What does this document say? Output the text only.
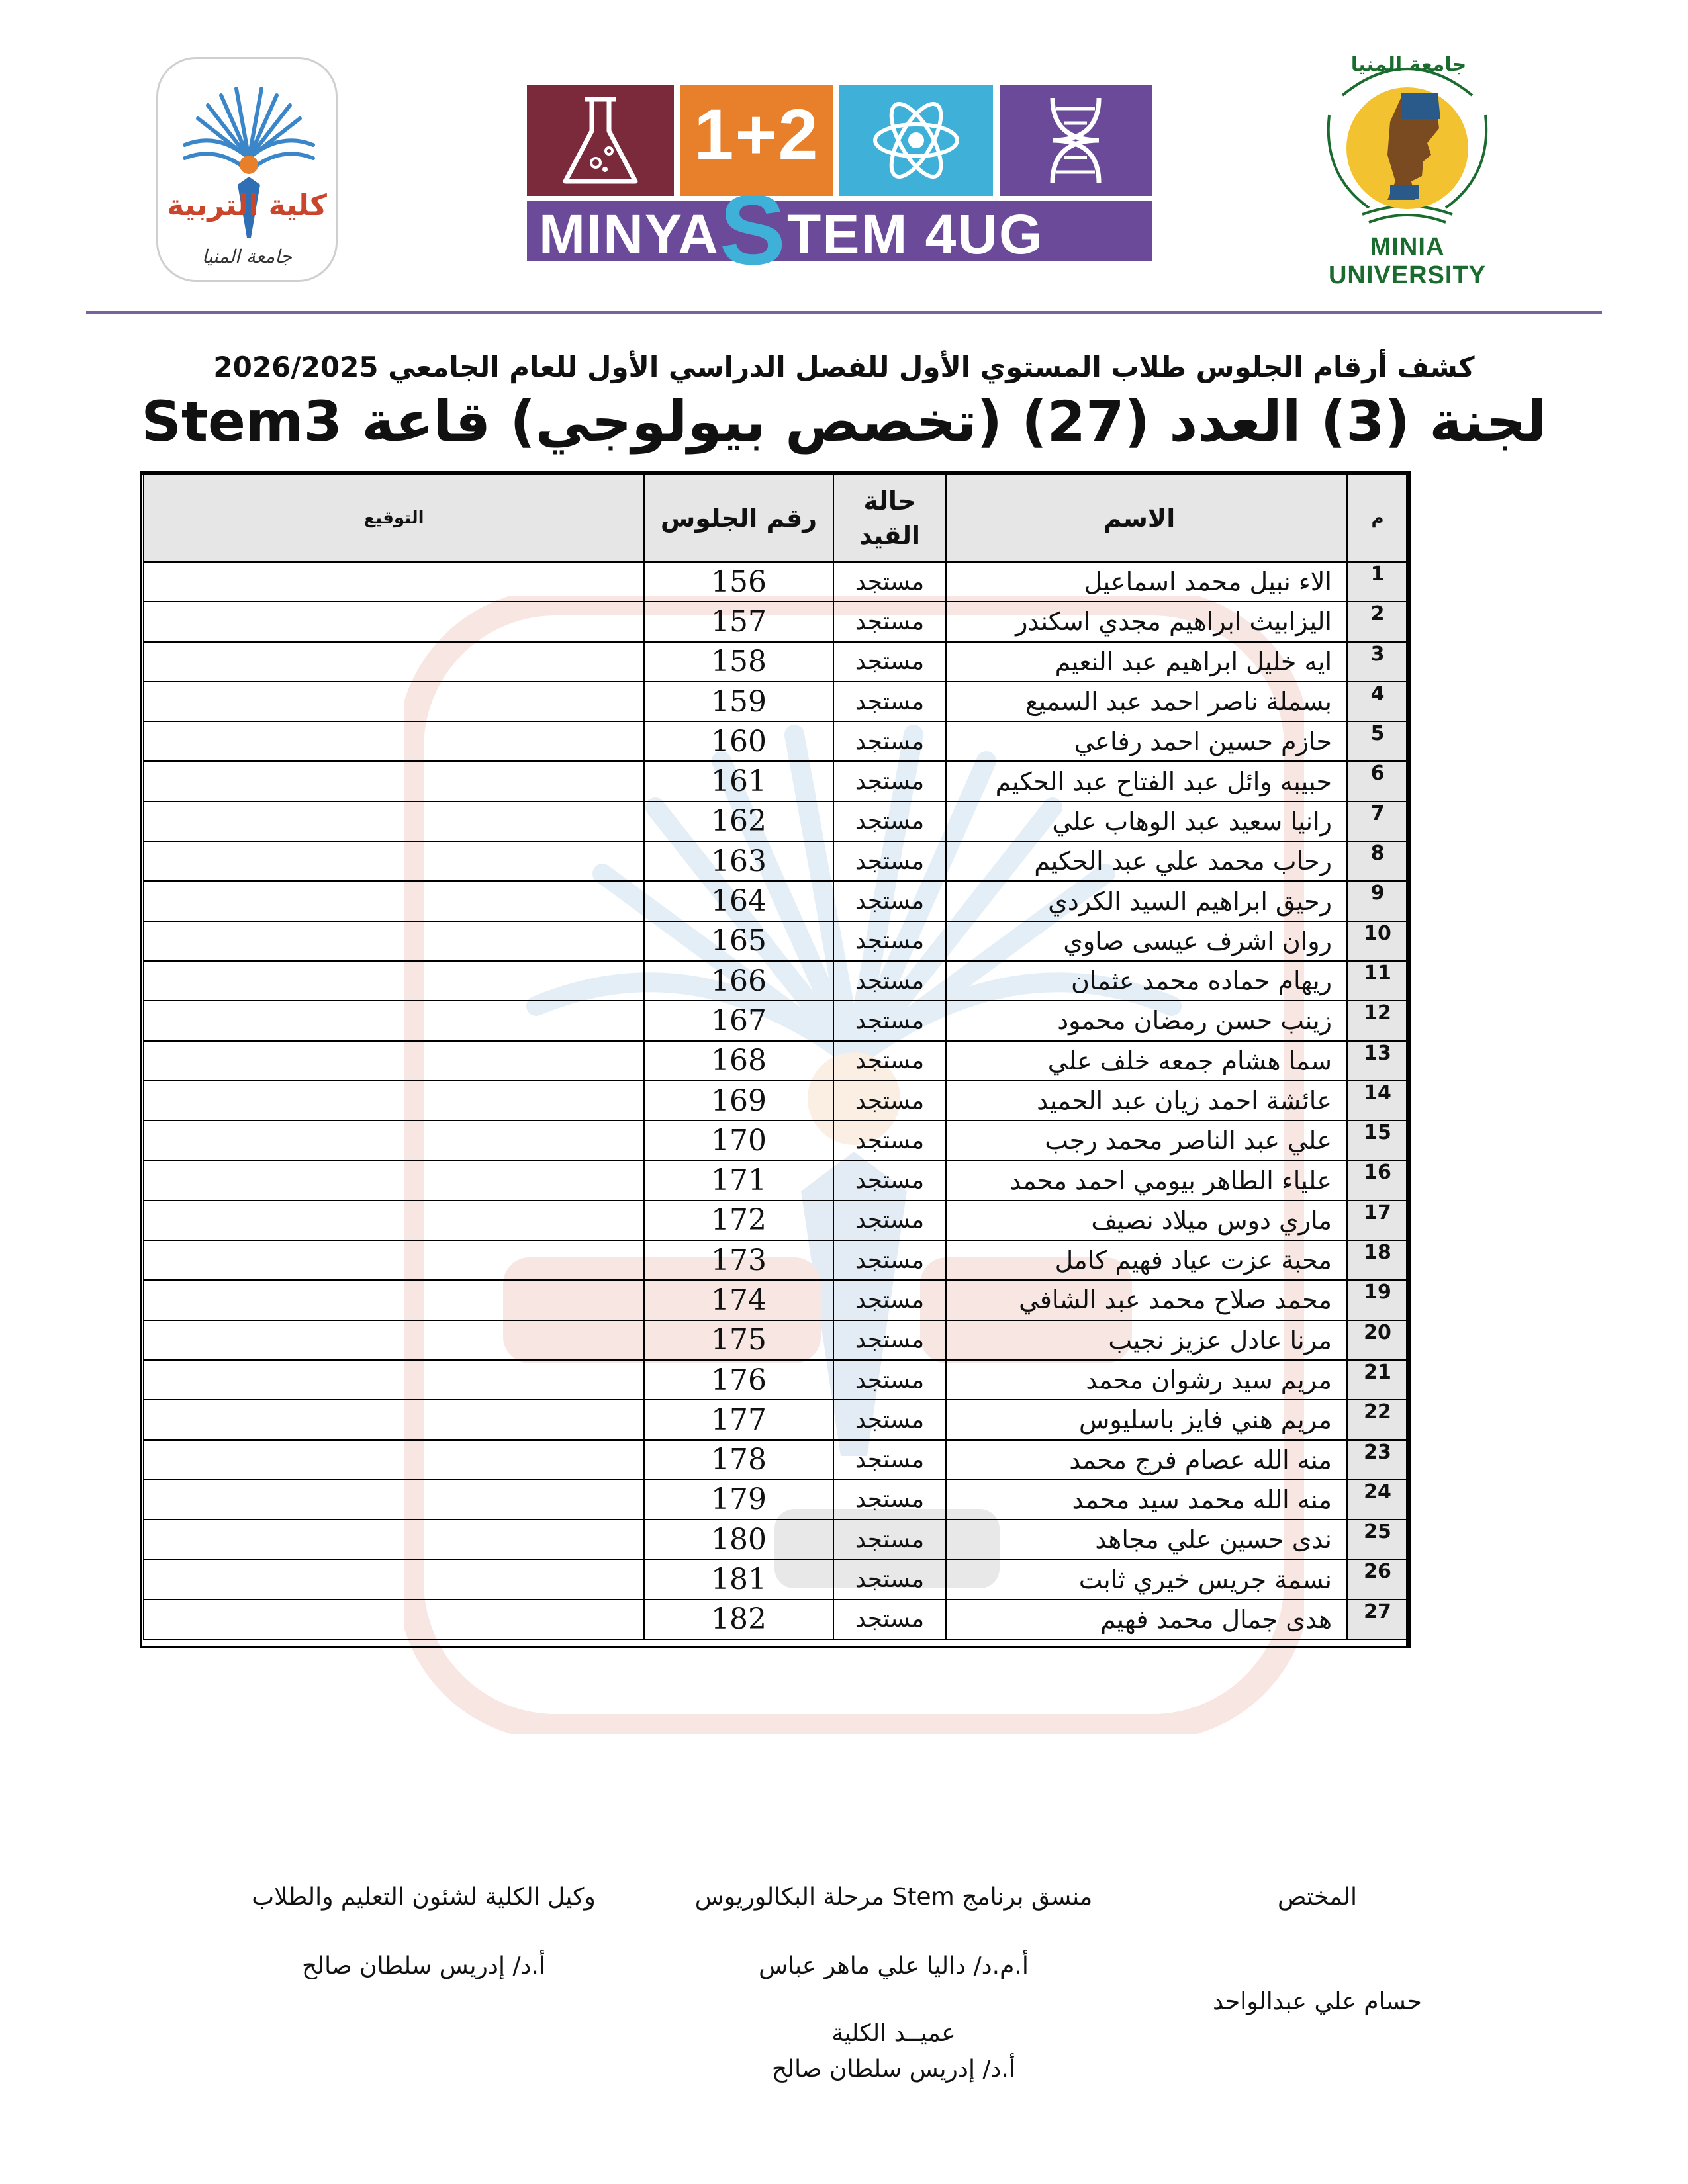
كلية التربية
جامعة المنيا
1+2
MINYASTEM 4UG
جامعة المنيا
MINIA UNIVERSITY
كشف أرقام الجلوس طلاب المستوي الأول للفصل الدراسي الأول للعام الجامعي 2026/2025
لجنة (3) العدد (27) (تخصص بيولوجي) قاعة Stem3
م	الاسم	حالة القيد	رقم الجلوس	التوقيع
1	الاء نبيل محمد اسماعيل	مستجد	156	
2	اليزابيث ابراهيم مجدي اسكندر	مستجد	157	
3	ايه خليل ابراهيم عبد النعيم	مستجد	158	
4	بسملة ناصر احمد عبد السميع	مستجد	159	
5	حازم حسين احمد رفاعي	مستجد	160	
6	حبيبه وائل عبد الفتاح عبد الحكيم	مستجد	161	
7	رانيا سعيد عبد الوهاب علي	مستجد	162	
8	رحاب محمد علي عبد الحكيم	مستجد	163	
9	رحيق ابراهيم السيد الكردي	مستجد	164	
10	روان اشرف عيسى صاوي	مستجد	165	
11	ريهام حماده محمد عثمان	مستجد	166	
12	زينب حسن رمضان محمود	مستجد	167	
13	سما هشام جمعه خلف علي	مستجد	168	
14	عائشة احمد زيان عبد الحميد	مستجد	169	
15	علي عبد الناصر محمد رجب	مستجد	170	
16	علياء الطاهر بيومي احمد محمد	مستجد	171	
17	ماري دوس ميلاد نصيف	مستجد	172	
18	محبة عزت عياد فهيم كامل	مستجد	173	
19	محمد صلاح محمد عبد الشافي	مستجد	174	
20	مرنا عادل عزيز نجيب	مستجد	175	
21	مريم سيد رشوان محمد	مستجد	176	
22	مريم هني فايز باسليوس	مستجد	177	
23	منه الله عصام فرج محمد	مستجد	178	
24	منه الله محمد سيد محمد	مستجد	179	
25	ندى حسين علي مجاهد	مستجد	180	
26	نسمة جريس خيري ثابت	مستجد	181	
27	هدى جمال محمد فهيم	مستجد	182	
المختص
حسام علي عبدالواحد
منسق برنامج Stem مرحلة البكالوريوس
أ.م.د/ داليا علي ماهر عباس
وكيل الكلية لشئون التعليم والطلاب
أ.د/ إدريس سلطان صالح
عميــد الكلية
أ.د/ إدريس سلطان صالح
